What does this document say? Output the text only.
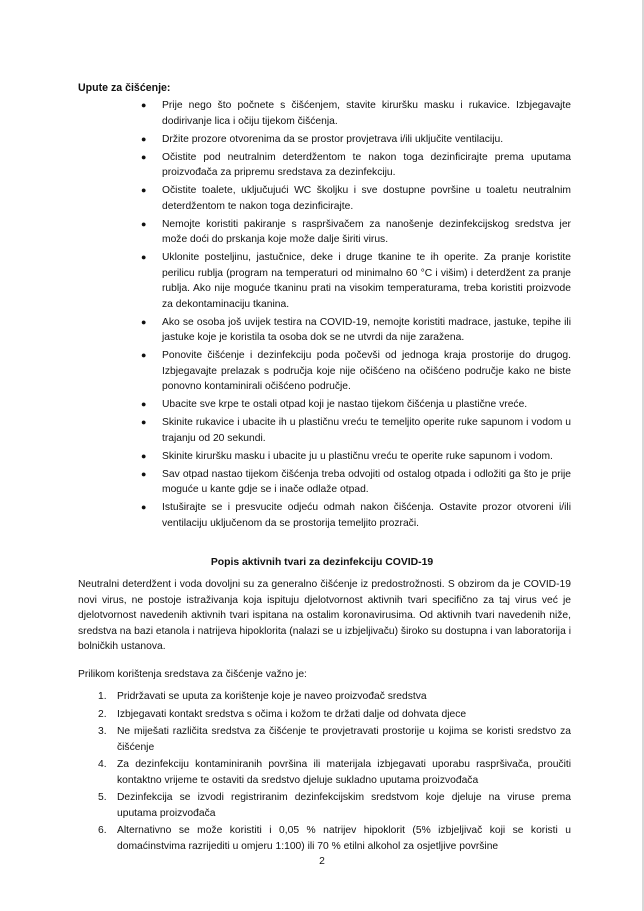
Upute za čišćenje:

● Prije nego što počnete s čišćenjem, stavite kiruršku masku i rukavice. Izbjegavajte dodirivanje lica i očiju tijekom čišćenja.
● Držite prozore otvorenima da se prostor provjetrava i/ili uključite ventilaciju.
● Očistite pod neutralnim deterdžentom te nakon toga dezinficirajte prema uputama proizvođača za pripremu sredstava za dezinfekciju.
● Očistite toalete, uključujući WC školjku i sve dostupne površine u toaletu neutralnim deterdžentom te nakon toga dezinficirajte.
● Nemojte koristiti pakiranje s raspršivačem za nanošenje dezinfekcijskog sredstva jer može doći do prskanja koje može dalje širiti virus.
● Uklonite posteljinu, jastučnice, deke i druge tkanine te ih operite. Za pranje koristite perilicu rublja (program na temperaturi od minimalno 60 °C i višim) i deterdžent za pranje rublja. Ako nije moguće tkaninu prati na visokim temperaturama, treba koristiti proizvode za dekontaminaciju tkanina.
● Ako se osoba još uvijek testira na COVID-19, nemojte koristiti madrace, jastuke, tepihe ili jastuke koje je koristila ta osoba dok se ne utvrdi da nije zaražena.
● Ponovite čišćenje i dezinfekciju poda počevši od jednoga kraja prostorije do drugog. Izbjegavajte prelazak s područja koje nije očišćeno na očišćeno područje kako ne biste ponovno kontaminirali očišćeno područje.
● Ubacite sve krpe te ostali otpad koji je nastao tijekom čišćenja u plastične vreće.
● Skinite rukavice i ubacite ih u plastičnu vreću te temeljito operite ruke sapunom i vodom u trajanju od 20 sekundi.
● Skinite kiruršku masku i ubacite ju u plastičnu vreću te operite ruke sapunom i vodom.
● Sav otpad nastao tijekom čišćenja treba odvojiti od ostalog otpada i odložiti ga što je prije moguće u kante gdje se i inače odlaže otpad.
● Istuširajte se i presvucite odjeću odmah nakon čišćenja. Ostavite prozor otvoreni i/ili ventilaciju uključenom da se prostorija temeljito prozrači.

Popis aktivnih tvari za dezinfekciju COVID-19

Neutralni deterdžent i voda dovoljni su za generalno čišćenje iz predostrožnosti. S obzirom da je COVID-19 novi virus, ne postoje istraživanja koja ispituju djelotvornost aktivnih tvari specifično za taj virus već je djelotvornost navedenih aktivnih tvari ispitana na ostalim koronavirusima. Od aktivnih tvari navedenih niže, sredstva na bazi etanola i natrijeva hipoklorita (nalazi se u izbjeljivaču) široko su dostupna i van laboratorija i bolničkih ustanova.

Prilikom korištenja sredstava za čišćenje važno je:

1. Pridržavati se uputa za korištenje koje je naveo proizvođač sredstva
2. Izbjegavati kontakt sredstva s očima i kožom te držati dalje od dohvata djece
3. Ne miješati različita sredstva za čišćenje te provjetravati prostorije u kojima se koristi sredstvo za čišćenje
4. Za dezinfekciju kontaminiranih površina ili materijala izbjegavati uporabu raspršivača, proučiti kontaktno vrijeme te ostaviti da sredstvo djeluje sukladno uputama proizvođača
5. Dezinfekcija se izvodi registriranim dezinfekcijskim sredstvom koje djeluje na viruse prema uputama proizvođača
6. Alternativno se može koristiti i 0,05 % natrijev hipoklorit (5% izbjeljivač koji se koristi u domaćinstvima razrijediti u omjeru 1:100) ili 70 % etilni alkohol za osjetljive površine

2
